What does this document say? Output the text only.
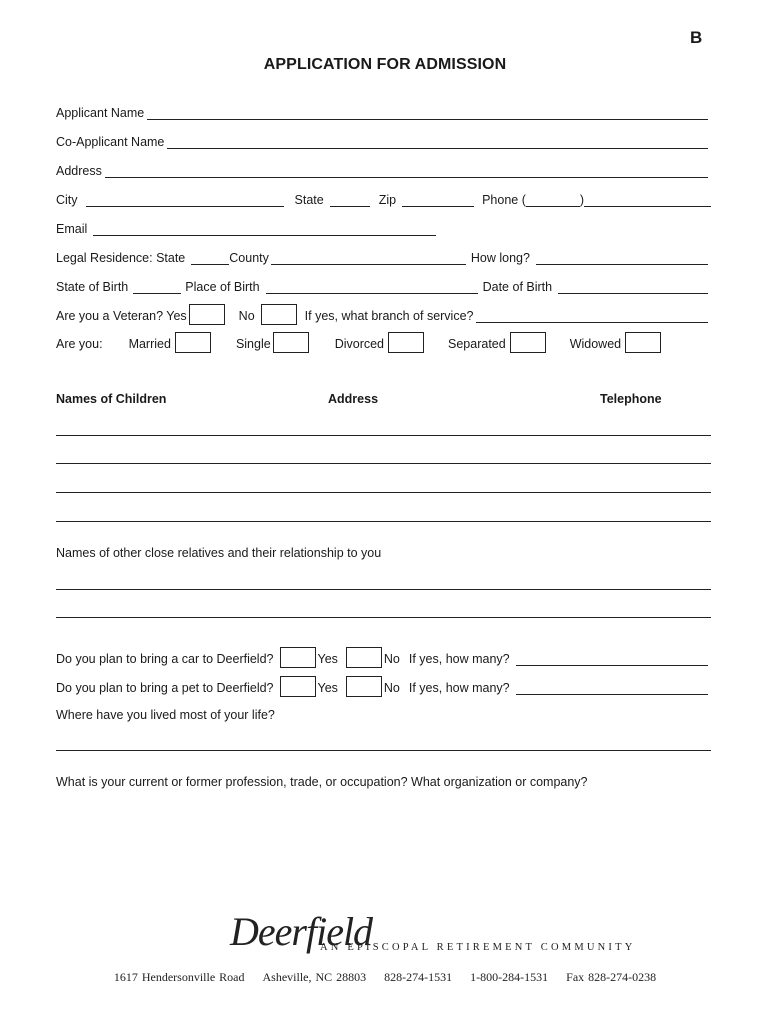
B
APPLICATION FOR ADMISSION
Applicant Name
Co-Applicant Name
Address
City	State	Zip	Phone (	)
Email
Legal Residence: State	County	How long?
State of Birth	Place of Birth	Date of Birth
Are you a Veteran? Yes	No	If yes, what branch of service?
Are you: Married	Single	Divorced	Separated	Widowed
Names of Children	Address	Telephone
Names of other close relatives and their relationship to you
Do you plan to bring a car to Deerfield?	Yes	No If yes, how many?
Do you plan to bring a pet to Deerfield?	Yes	No If yes, how many?
Where have you lived most of your life?
What is your current or former profession, trade, or occupation? What organization or company?
Deerfield
AN EPISCOPAL RETIREMENT COMMUNITY
1617 Hendersonville Road Asheville, NC 28803 828-274-1531 1-800-284-1531 Fax 828-274-0238
